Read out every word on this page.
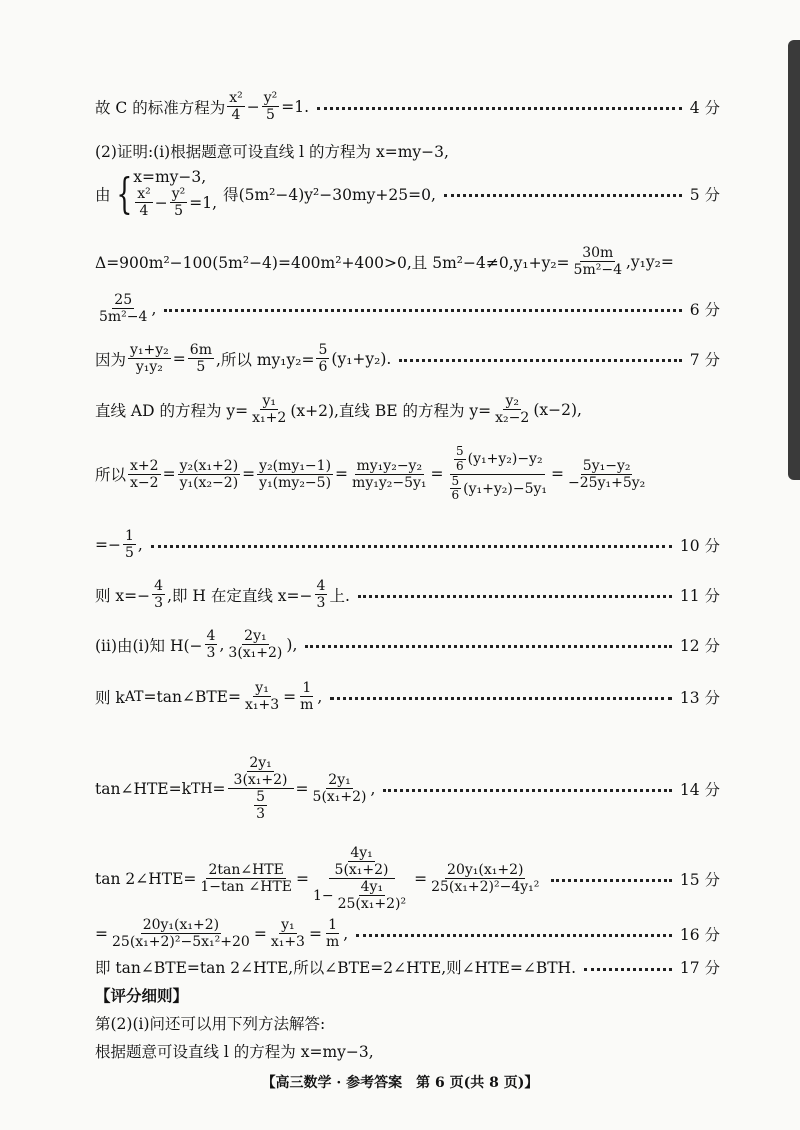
故 C 的标准方程为 $\frac{\text{x²}}{4} - \frac{\text{y²}}{5} =1$.	4 分
(2)证明:(ⅰ)根据题意可设直线 l 的方程为 x=my−3,
由 { x=my−3,
$\frac{\text{x²}}{4} - \frac{\text{y²}}{5} =1$, 得(5m²−4)y²−30my+25=0,	5 分
Δ=900m²−100(5m²−4)=400m²+400>0,且 $5m^2-4\ne 0,y_1+y_2= \frac{30m}{\text{5m²−4}} ,y_1y_2=$
$\frac{25}{\text{5m²−4}}$ ,	6 分
因为 $\frac{\text{y₁+y₂}}{\text{y₁y₂}} = \frac{6m}{5}$ ,所以 $my_1y_2= \frac{5}{6} (y_1+y_2)$.	7 分
直线 AD 的方程为 $y= \frac{\text{y₁}}{\text{x₁+2}} (x+2)$,直线 BE 的方程为 $y= \frac{\text{y₂}}{\text{x₂−2}} (x-2)$,
所以 $\frac{x+2}{x-2} = \frac{\text{y₂(x₁+2)}}{\text{y₁(x₂−2)}} = \frac{\text{y₂(my₁−1)}}{\text{y₁(my₂−5)}} = \frac{\text{my₁y₂−y₂}}{\text{my₁y₂−5y₁}} = \frac{\frac{5}{6} (y_1+y_2)-y_2}{\frac{5}{6} (y_1+y_2)-5y_1} = \frac{\text{5y₁−y₂}}{\text{−25y₁+5y₂}}$
=− $\frac{1}{5}$ ,	10 分
则 $x=- \frac{4}{3}$ ,即 H 在定直线 $x=- \frac{4}{3}$ 上.	11 分
(ⅱ)由(ⅰ)知 $H(- \frac{4}{3}$ , $\frac{\text{2y₁}}{\text{3(x₁+2)}}$ ),	12 分
则 k AT =tan∠BTE= $\frac{\text{y₁}}{\text{x₁+3}} = \frac{1}{m}$ ,	13 分
tan∠HTE=k TH = $\frac{\frac{\text{2y₁}}{\text{3(x₁+2)}}}{\frac{5}{3}} = \frac{\text{2y₁}}{\text{5(x₁+2)}}$ ,	14 分
tan 2∠HTE= $\frac{\text{2tan∠HTE}}{\text{1−tan ∠HTE}} = \frac{\frac{\text{4y₁}}{\text{5(x₁+2)}}}{1- \frac{\text{4y₁}}{\text{25(x₁+2)²}}} = \frac{\text{20y₁(x₁+2)}}{\text{25(x₁+2)²−4y₁²}}$	15 分
= $\frac{\text{20y₁(x₁+2)}}{\text{25(x₁+2)²−5x₁²+20}} = \frac{\text{y₁}}{\text{x₁+3}} = \frac{1}{m}$ ,	16 分
即 tan∠BTE=tan 2∠HTE,所以∠BTE=2∠HTE,则∠HTE=∠BTH.	17 分
【评分细则】
第(2)(ⅰ)问还可以用下列方法解答:
根据题意可设直线 l 的方程为 x=my−3,
【高三数学 · 参考答案　第 6 页(共 8 页)】
